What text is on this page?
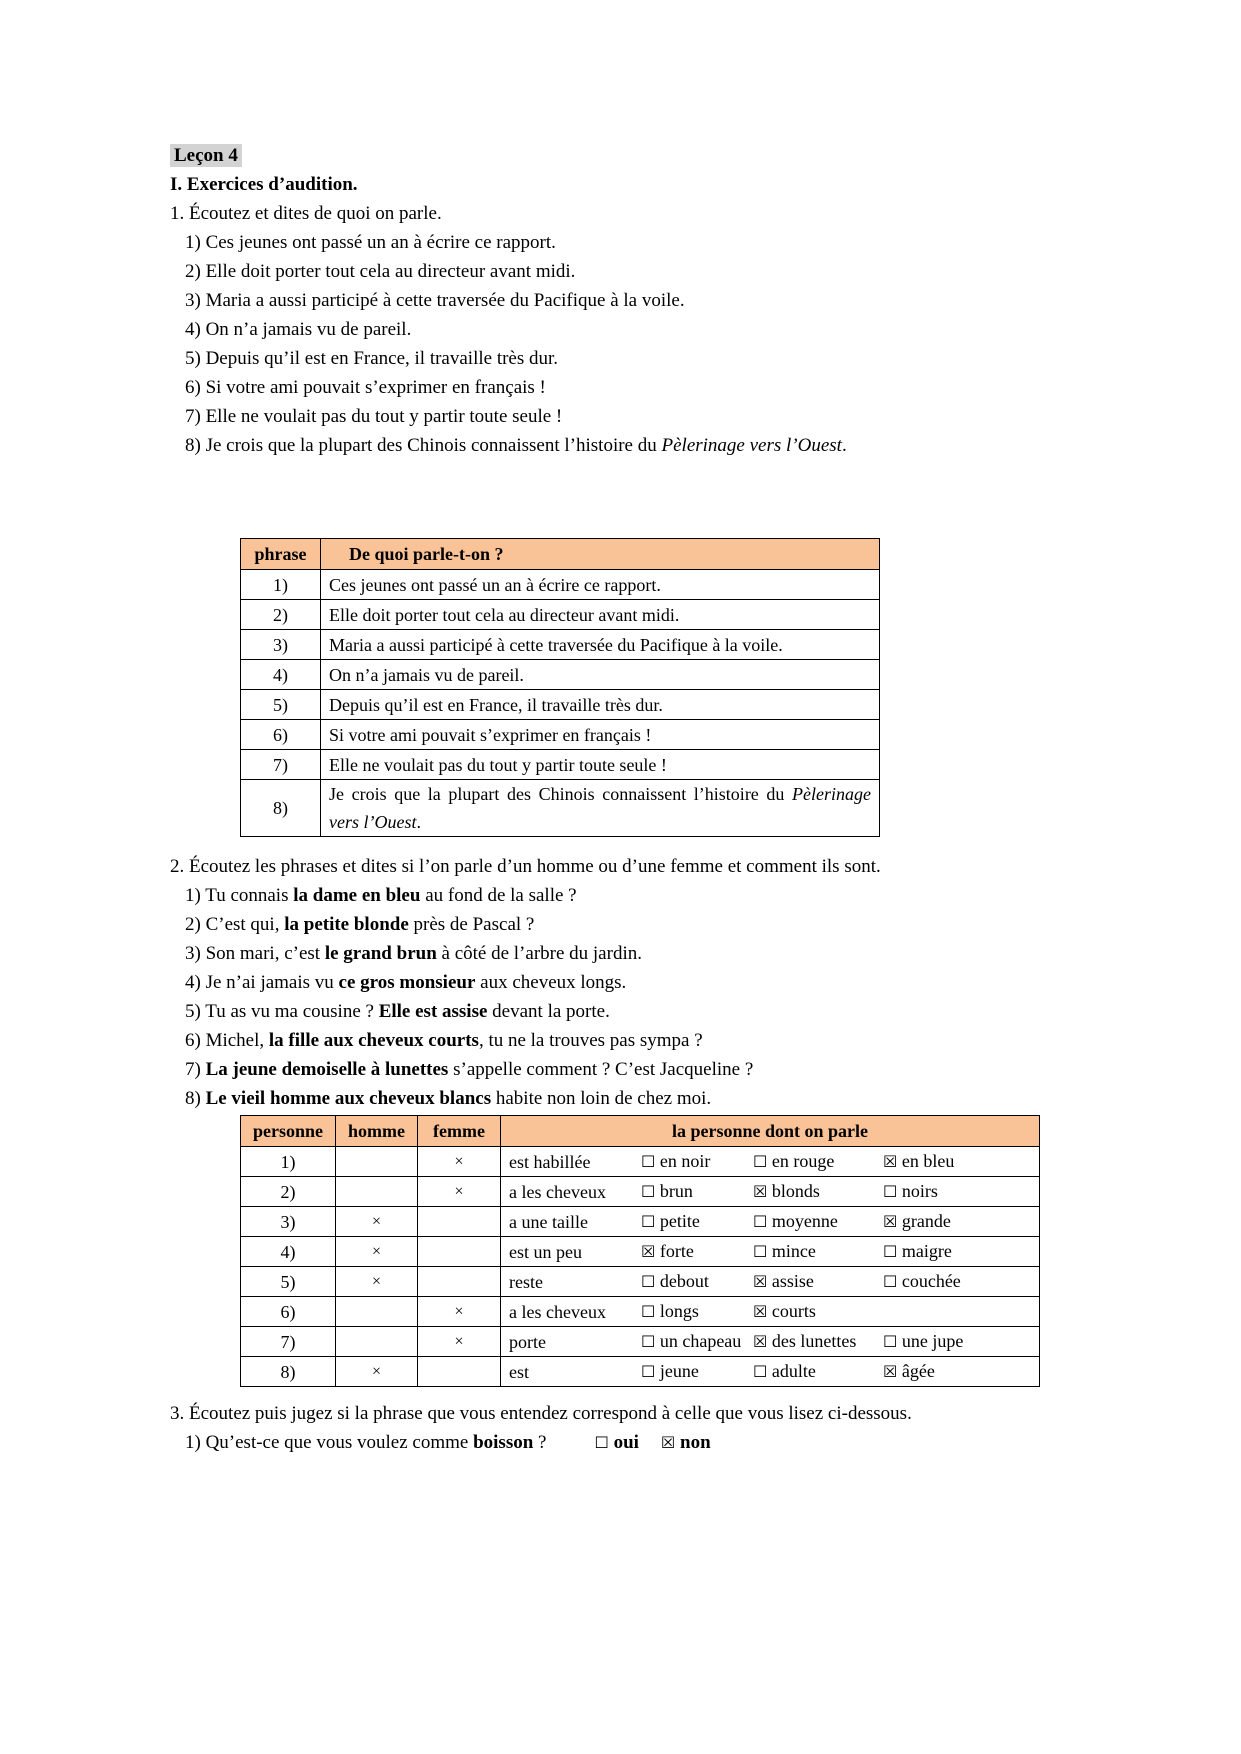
Leçon 4
I. Exercices d’audition.
1. Écoutez et dites de quoi on parle.
1) Ces jeunes ont passé un an à écrire ce rapport.
2) Elle doit porter tout cela au directeur avant midi.
3) Maria a aussi participé à cette traversée du Pacifique à la voile.
4) On n’a jamais vu de pareil.
5) Depuis qu’il est en France, il travaille très dur.
6) Si votre ami pouvait s’exprimer en français !
7) Elle ne voulait pas du tout y partir toute seule !
8) Je crois que la plupart des Chinois connaissent l’histoire du Pèlerinage vers l’Ouest.
phrase	De quoi parle-t-on ?
1)	Ces jeunes ont passé un an à écrire ce rapport.
2)	Elle doit porter tout cela au directeur avant midi.
3)	Maria a aussi participé à cette traversée du Pacifique à la voile.
4)	On n’a jamais vu de pareil.
5)	Depuis qu’il est en France, il travaille très dur.
6)	Si votre ami pouvait s’exprimer en français !
7)	Elle ne voulait pas du tout y partir toute seule !
8)	Je crois que la plupart des Chinois connaissent l’histoire du Pèlerinage vers l’Ouest.
2. Écoutez les phrases et dites si l’on parle d’un homme ou d’une femme et comment ils sont.
1) Tu connais la dame en bleu au fond de la salle ?
2) C’est qui, la petite blonde près de Pascal ?
3) Son mari, c’est le grand brun à côté de l’arbre du jardin.
4) Je n’ai jamais vu ce gros monsieur aux cheveux longs.
5) Tu as vu ma cousine ? Elle est assise devant la porte.
6) Michel, la fille aux cheveux courts, tu ne la trouves pas sympa ?
7) La jeune demoiselle à lunettes s’appelle comment ? C’est Jacqueline ?
8) Le vieil homme aux cheveux blancs habite non loin de chez moi.
personne	homme	femme	la personne dont on parle
1)		×	est habillée ☐ en noir ☐ en rouge ☒ en bleu

2)		×	a les cheveux ☐ brun ☒ blonds ☐ noirs

3)	×		a une taille ☐ petite ☐ moyenne ☒ grande

4)	×		est un peu ☒ forte ☐ mince ☐ maigre

5)	×		reste ☐ debout ☒ assise ☐ couchée

6)		×	a les cheveux ☐ longs ☒ courts

7)		×	porte ☐ un chapeau ☒ des lunettes ☐ une jupe

8)	×		est ☐ jeune ☐ adulte ☒ âgée
3. Écoutez puis jugez si la phrase que vous entendez correspond à celle que vous lisez ci-dessous.
1) Qu’est-ce que vous voulez comme boisson ?	☐ oui ☒ non
